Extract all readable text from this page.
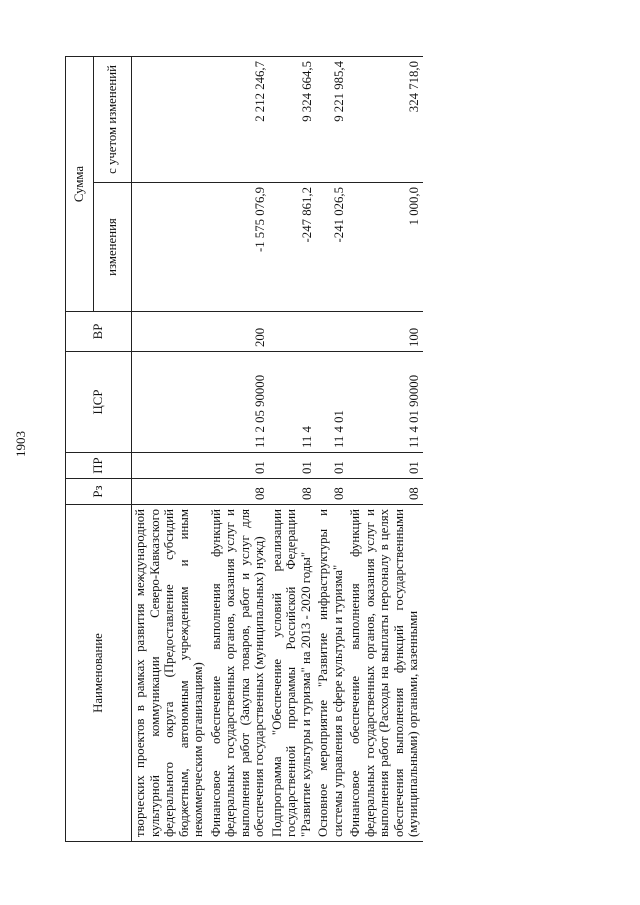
1903
Наименование	Рз	ПР	ЦСР	ВР	Сумма	
					изменения	с учетом изменений
творческих проектов в рамках развития международной культурной коммуникации Северо-Кавказского федерального округа (Предоставление субсидий бюджетным, автономным учреждениям и иным некоммерческим организациям)						
Финансовое обеспечение выполнения функций федеральных государственных органов, оказания услуг и выполнения работ (Закупка товаров, работ и услуг для обеспечения государственных (муниципальных) нужд)	08	01	11 2 05 90000	200	-1 575 076,9	2 212 246,7
Подпрограмма "Обеспечение условий реализации государственной программы Российской Федерации "Развитие культуры и туризма" на 2013 - 2020 годы"	08	01	11 4		-247 861,2	9 324 664,5
Основное мероприятие "Развитие инфраструктуры и системы управления в сфере культуры и туризма"	08	01	11 4 01		-241 026,5	9 221 985,4
Финансовое обеспечение выполнения функций федеральных государственных органов, оказания услуг и выполнения работ (Расходы на выплаты персоналу в целях обеспечения выполнения функций государственными (муниципальными) органами, казенными	08	01	11 4 01 90000	100	1 000,0	324 718,0
